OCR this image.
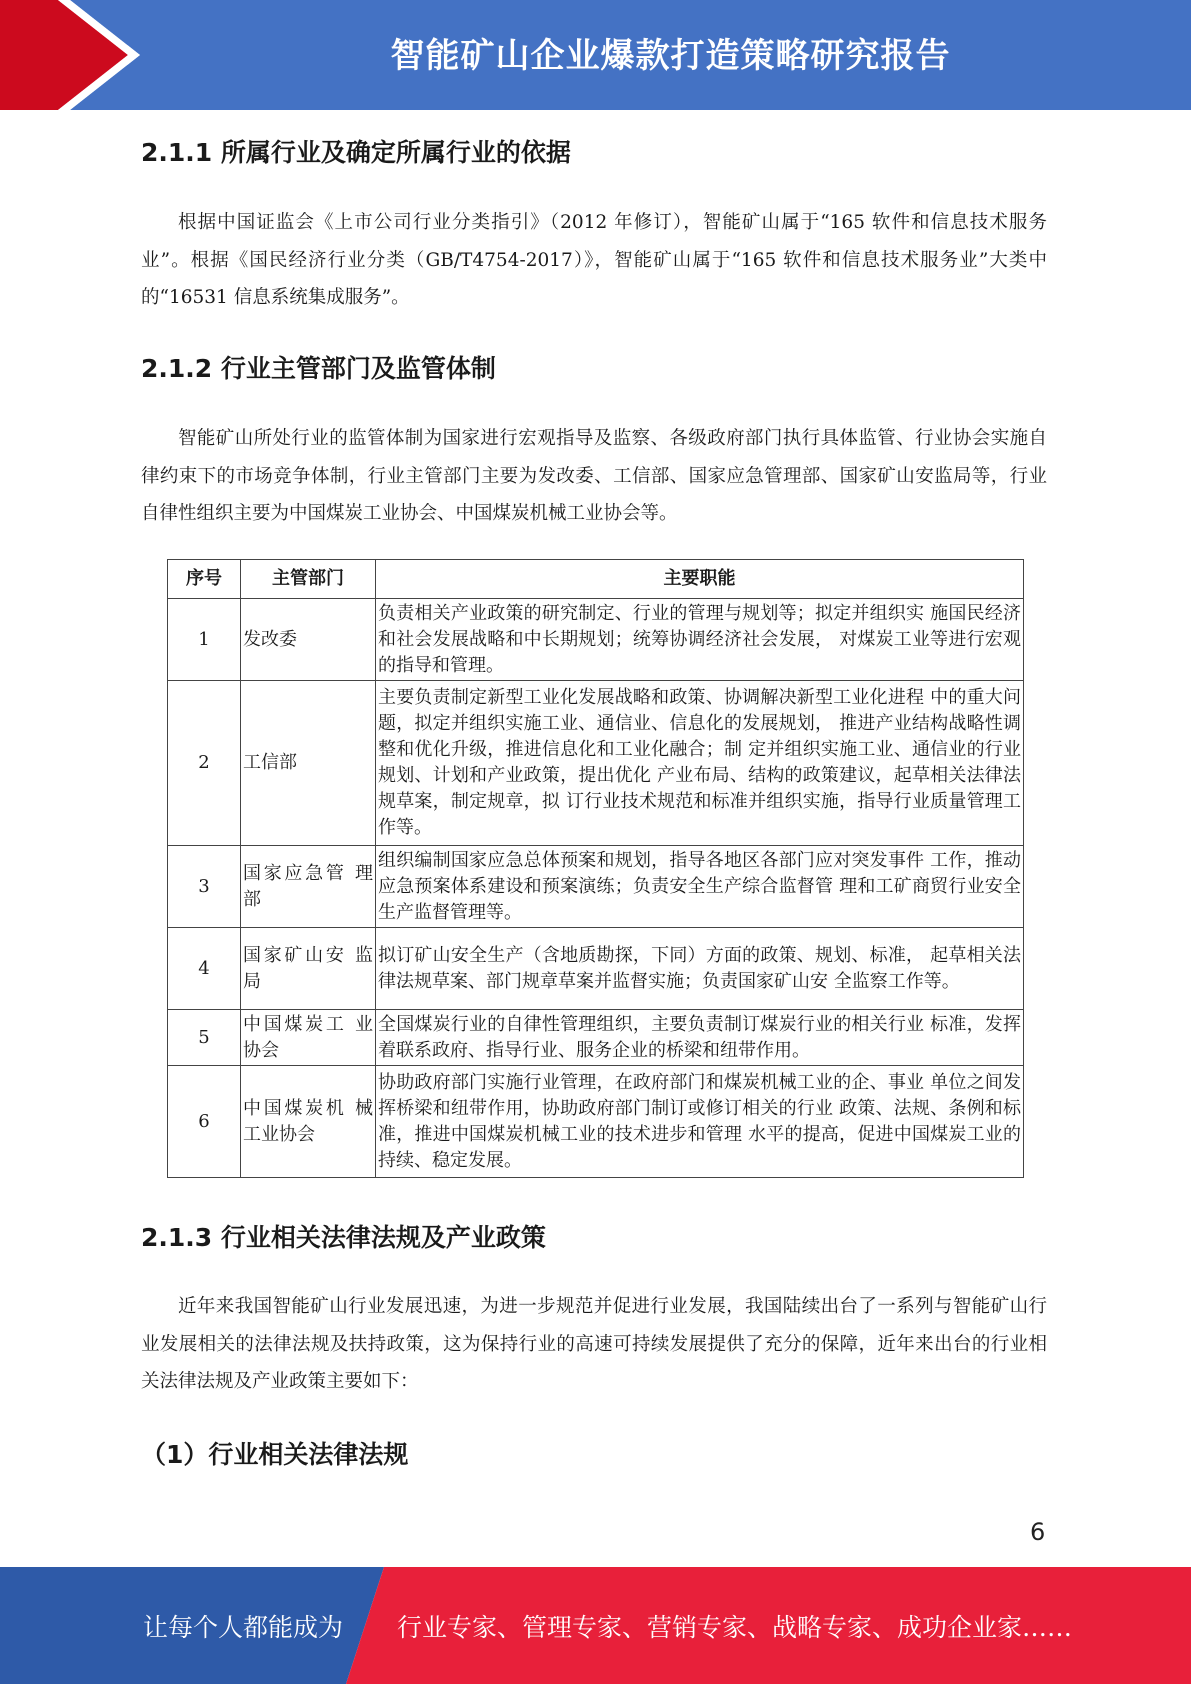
智能矿山企业爆款打造策略研究报告
2.1.1 所属行业及确定所属行业的依据

根据中国证监会《上市公司行业分类指引》（2012 年修订），智能矿山属于“165 软件和信息技术服务业”。根据《国民经济行业分类（GB/T4754-2017）》，智能矿山属于“165 软件和信息技术服务业”大类中的“16531 信息系统集成服务”。

2.1.2 行业主管部门及监管体制

智能矿山所处行业的监管体制为国家进行宏观指导及监察、各级政府部门执行具体监管、行业协会实施自律约束下的市场竞争体制，行业主管部门主要为发改委、工信部、国家应急管理部、国家矿山安监局等，行业自律性组织主要为中国煤炭工业协会、中国煤炭机械工业协会等。

序号	主管部门	主要职能
1	发改委	负责相关产业政策的研究制定、行业的管理与规划等；拟定并组织实 施国民经济和社会发展战略和中长期规划；统筹协调经济社会发展， 对煤炭工业等进行宏观的指导和管理。
2	工信部	主要负责制定新型工业化发展战略和政策、协调解决新型工业化进程 中的重大问题，拟定并组织实施工业、通信业、信息化的发展规划， 推进产业结构战略性调整和优化升级，推进信息化和工业化融合；制 定并组织实施工业、通信业的行业规划、计划和产业政策，提出优化 产业布局、结构的政策建议，起草相关法律法规草案，制定规章，拟 订行业技术规范和标准并组织实施，指导行业质量管理工作等。
3	国家应急管 理部	组织编制国家应急总体预案和规划，指导各地区各部门应对突发事件 工作，推动应急预案体系建设和预案演练；负责安全生产综合监督管 理和工矿商贸行业安全生产监督管理等。
4	国家矿山安 监局	拟订矿山安全生产（含地质勘探，下同）方面的政策、规划、标准， 起草相关法律法规草案、部门规章草案并监督实施；负责国家矿山安 全监察工作等。
5	中国煤炭工 业协会	全国煤炭行业的自律性管理组织，主要负责制订煤炭行业的相关行业 标准，发挥着联系政府、指导行业、服务企业的桥梁和纽带作用。
6	中国煤炭机 械工业协会	协助政府部门实施行业管理，在政府部门和煤炭机械工业的企、事业 单位之间发挥桥梁和纽带作用，协助政府部门制订或修订相关的行业 政策、法规、条例和标准，推进中国煤炭机械工业的技术进步和管理 水平的提高，促进中国煤炭工业的持续、稳定发展。
2.1.3 行业相关法律法规及产业政策

近年来我国智能矿山行业发展迅速，为进一步规范并促进行业发展，我国陆续出台了一系列与智能矿山行业发展相关的法律法规及扶持政策，这为保持行业的高速可持续发展提供了充分的保障，近年来出台的行业相关法律法规及产业政策主要如下：

（1）行业相关法律法规
6
让每个人都能成为 行业专家、管理专家、营销专家、战略专家、成功企业家……
